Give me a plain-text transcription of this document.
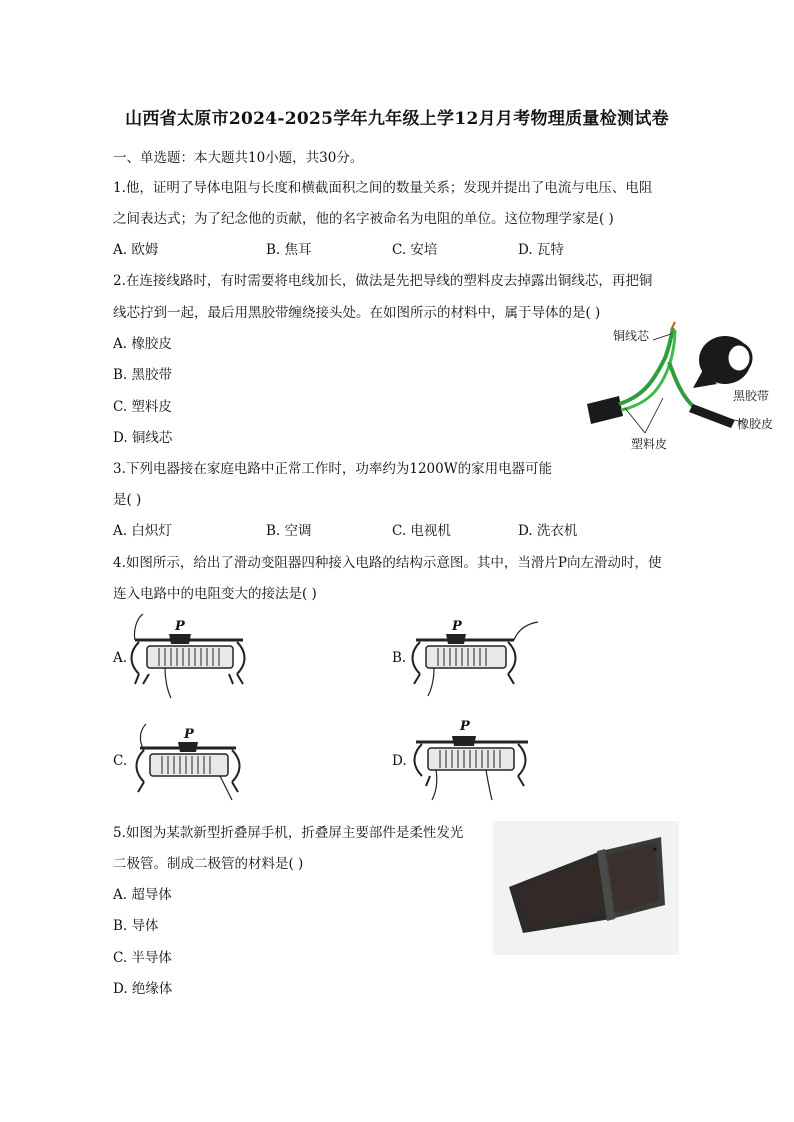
山西省太原市2024-2025学年九年级上学12月月考物理质量检测试卷
一、单选题：本大题共10小题，共30分。
1.他，证明了导体电阻与长度和横截面积之间的数量关系；发现并提出了电流与电压、电阻
之间表达式；为了纪念他的贡献，他的名字被命名为电阻的单位。这位物理学家是( )
A. 欧姆	B. 焦耳	C. 安培	D. 瓦特
2.在连接线路时，有时需要将电线加长，做法是先把导线的塑料皮去掉露出铜线芯，再把铜
线芯拧到一起，最后用黑胶带缠绕接头处。在如图所示的材料中，属于导体的是( )
A. 橡胶皮
B. 黑胶带
C. 塑料皮
D. 铜线芯
铜线芯
黑胶带
橡胶皮
塑料皮
3.下列电器接在家庭电路中正常工作时，功率约为1200W的家用电器可能
是( )
A. 白炽灯	B. 空调	C. 电视机	D. 洗衣机
4.如图所示，给出了滑动变阻器四种接入电路的结构示意图。其中，当滑片P向左滑动时，使
连入电路中的电阻变大的接法是( )
A.	B.
C.	D.
P	P
P
P
5.如图为某款新型折叠屏手机，折叠屏主要部件是柔性发光
二极管。制成二极管的材料是( )
A. 超导体
B. 导体
C. 半导体
D. 绝缘体
